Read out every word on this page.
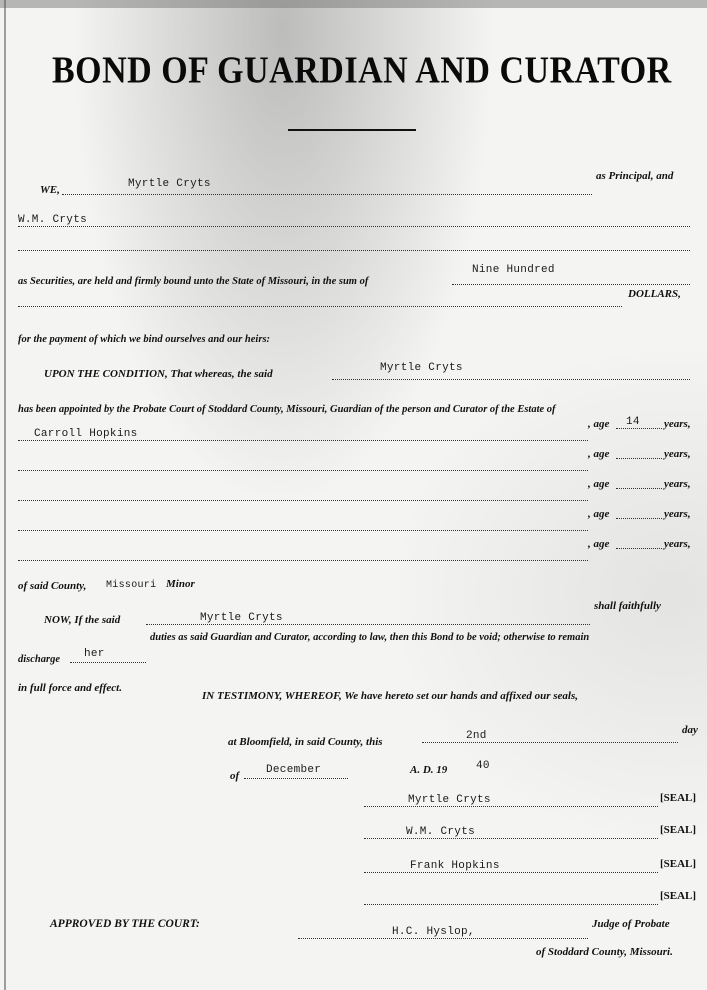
BOND OF GUARDIAN AND CURATOR
WE,	Myrtle Cryts
as Principal, and
W.M. Cryts
as Securities, are held and firmly bound unto the State of Missouri, in the sum of
Nine Hundred
DOLLARS,
for the payment of which we bind ourselves and our heirs:
UPON THE CONDITION, That whereas, the said	Myrtle Cryts
has been appointed by the Probate Court of Stoddard County, Missouri, Guardian of the person and Curator of the Estate of
Carroll Hopkins
, age 14 years,
, age	years,
, age	years,
, age	years,
, age	years,
of said County, Missouri Minor
NOW, If the said	Myrtle Cryts
shall faithfully
discharge her
duties as said Guardian and Curator, according to law, then this Bond to be void; otherwise to remain
in full force and effect.
IN TESTIMONY, WHEREOF, We have hereto set our hands and affixed our seals,
at Bloomfield, in said County, this	2nd	day
of December	A. D. 19	40
Myrtle Cryts	[SEAL]
W.M. Cryts	[SEAL]
Frank Hopkins	[SEAL]
[SEAL]
APPROVED BY THE COURT:
H.C. Hyslop,
Judge of Probate
of Stoddard County, Missouri.
